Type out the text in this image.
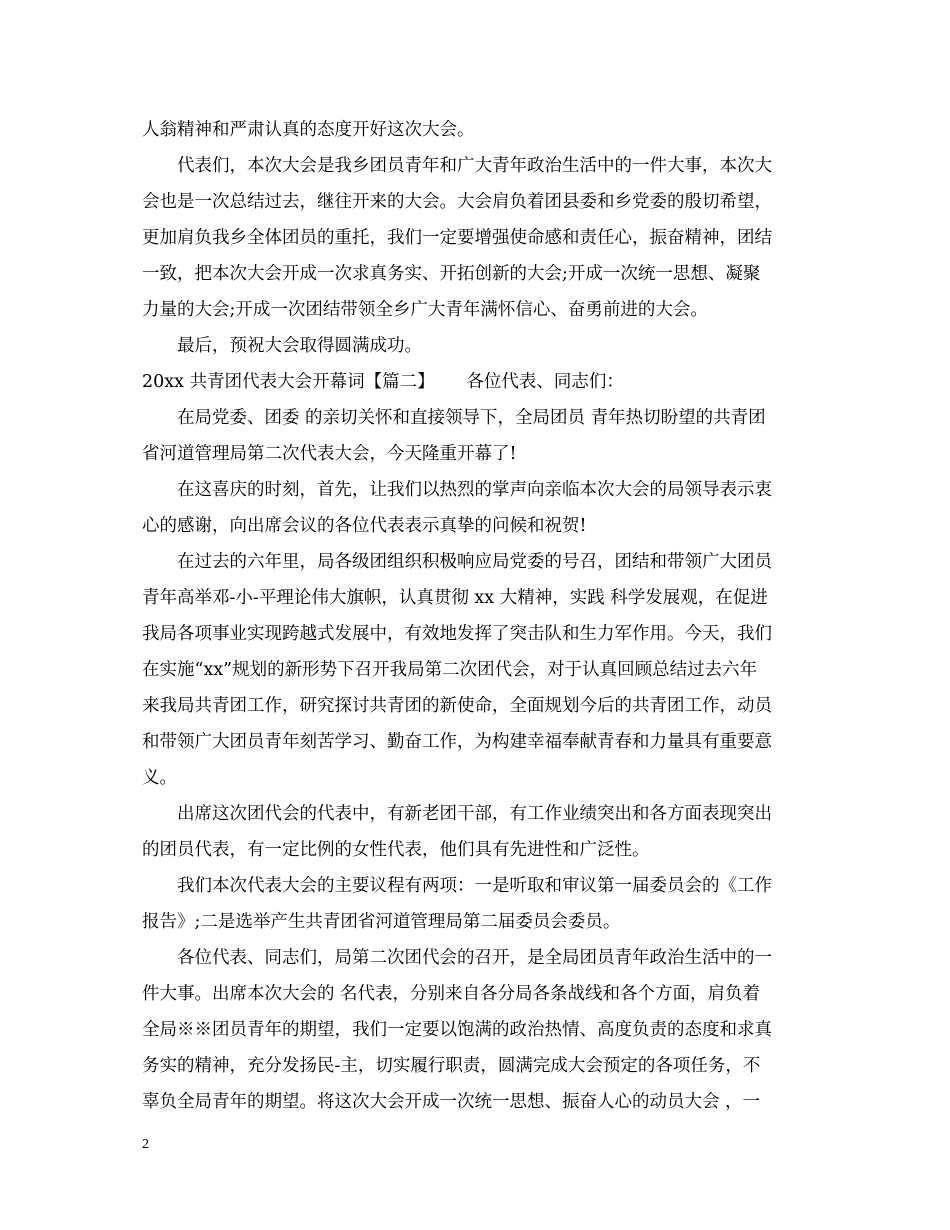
人翁精神和严肃认真的态度开好这次大会。
代表们，本次大会是我乡团员青年和广大青年政治生活中的一件大事，本次大
会也是一次总结过去，继往开来的大会。大会肩负着团县委和乡党委的殷切希望，
更加肩负我乡全体团员的重托，我们一定要增强使命感和责任心，振奋精神，团结
一致，把本次大会开成一次求真务实、开拓创新的大会;开成一次统一思想、凝聚
力量的大会;开成一次团结带领全乡广大青年满怀信心、奋勇前进的大会。
最后，预祝大会取得圆满成功。
20xx 共青团代表大会开幕词【篇二】　　 各位代表、同志们：
在局党委、团委 的亲切关怀和直接领导下，全局团员 青年热切盼望的共青团
省河道管理局第二次代表大会，今天隆重开幕了!
在这喜庆的时刻，首先，让我们以热烈的掌声向亲临本次大会的局领导表示衷
心的感谢，向出席会议的各位代表表示真挚的问候和祝贺!
在过去的六年里，局各级团组织积极响应局党委的号召，团结和带领广大团员
青年高举邓-小-平理论伟大旗帜，认真贯彻 xx 大精神，实践 科学发展观，在促进
我局各项事业实现跨越式发展中，有效地发挥了突击队和生力军作用。今天，我们
在实施“xx”规划的新形势下召开我局第二次团代会，对于认真回顾总结过去六年
来我局共青团工作，研究探讨共青团的新使命，全面规划今后的共青团工作，动员
和带领广大团员青年刻苦学习、勤奋工作，为构建幸福奉献青春和力量具有重要意
义。
出席这次团代会的代表中，有新老团干部，有工作业绩突出和各方面表现突出
的团员代表，有一定比例的女性代表，他们具有先进性和广泛性。
我们本次代表大会的主要议程有两项：一是听取和审议第一届委员会的《工作
报告》;二是选举产生共青团省河道管理局第二届委员会委员。
各位代表、同志们，局第二次团代会的召开，是全局团员青年政治生活中的一
件大事。出席本次大会的 名代表，分别来自各分局各条战线和各个方面，肩负着
全局※※团员青年的期望，我们一定要以饱满的政治热情、高度负责的态度和求真
务实的精神，充分发扬民-主，切实履行职责，圆满完成大会预定的各项任务，不
辜负全局青年的期望。将这次大会开成一次统一思想、振奋人心的动员大会 ，一
2
